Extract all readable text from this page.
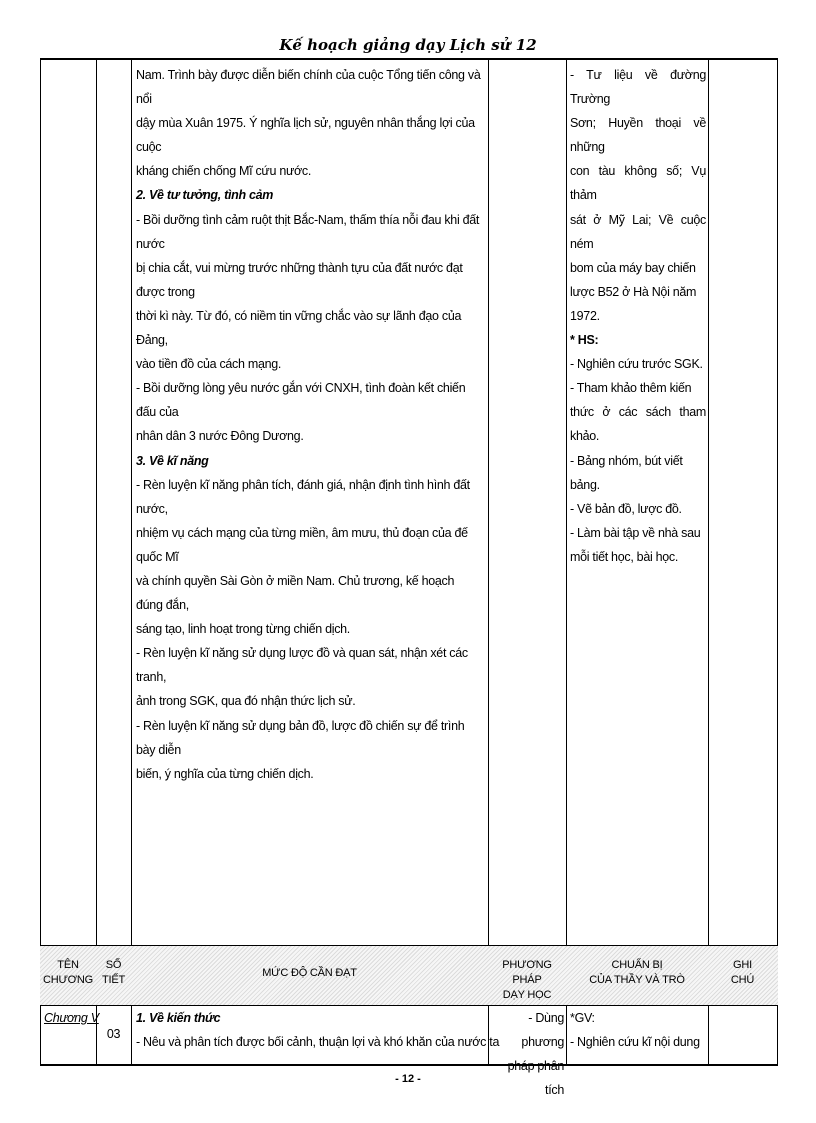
Kế hoạch giảng dạy Lịch sử 12

Nam. Trình bày được diễn biến chính của cuộc Tổng tiến công và nổi

dậy mùa Xuân 1975. Ý nghĩa lịch sử, nguyên nhân thắng lợi của cuộc

kháng chiến chống Mĩ cứu nước.

2. Về tư tưởng, tình cảm

- Bồi dưỡng tình cảm ruột thịt Bắc-Nam, thấm thía nỗi đau khi đất nước

bị chia cắt, vui mừng trước những thành tựu của đất nước đạt được trong

thời kì này. Từ đó, có niềm tin vững chắc vào sự lãnh đạo của Đảng,

vào tiền đồ của cách mạng.

- Bồi dưỡng lòng yêu nước gắn với CNXH, tình đoàn kết chiến đấu của

nhân dân 3 nước Đông Dương.

3. Về kĩ năng

- Rèn luyện kĩ năng phân tích, đánh giá, nhận định tình hình đất nước,

nhiệm vụ cách mạng của từng miền, âm mưu, thủ đoạn của đế quốc Mĩ

và chính quyền Sài Gòn ở miền Nam. Chủ trương, kế hoạch đúng đắn,

sáng tạo, linh hoạt trong từng chiến dịch.

- Rèn luyện kĩ năng sử dụng lược đồ và quan sát, nhận xét các tranh,

ảnh trong SGK, qua đó nhận thức lịch sử.

- Rèn luyện kĩ năng sử dụng bản đồ, lược đồ chiến sự để trình bày diễn

biến, ý nghĩa của từng chiến dịch.

- Tư liệu về đường Trường

Sơn; Huyền thoại về những

con tàu không số; Vụ thảm

sát ở Mỹ Lai; Về cuộc ném

bom của máy bay chiến

lược B52 ở Hà Nội năm

1972.

* HS:

- Nghiên cứu trước SGK.

- Tham khảo thêm kiến

thức ở các sách tham khảo.

- Bảng nhóm, bút viết

bảng.

- Vẽ bản đồ, lược đồ.

- Làm bài tập về nhà sau

mỗi tiết học, bài học.

TÊN
CHƯƠNG
SỐ
TIẾT
MỨC ĐỘ CẦN ĐẠT
PHƯƠNG PHÁP
DẠY HỌC
CHUẨN BỊ
CỦA THẦY VÀ TRÒ
GHI
CHÚ
Chương V
03
1. Về kiến thức
- Nêu và phân tích được bối cảnh, thuận lợi và khó khăn của nước ta
- Dùng phương
pháp phân tích
*GV:
- Nghiên cứu kĩ nội dung
- 12 -
